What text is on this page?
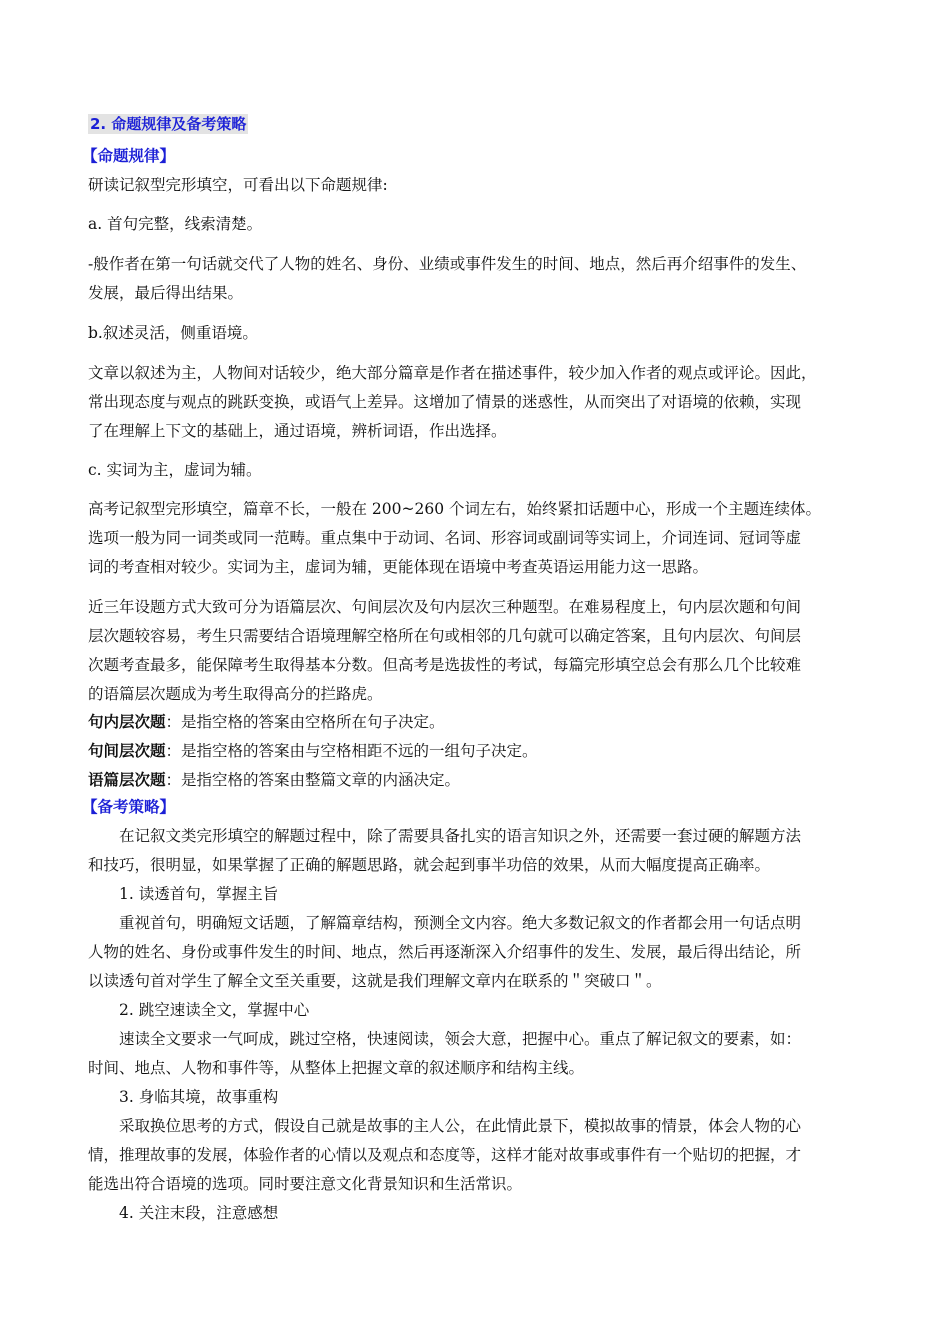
2. 命题规律及备考策略
【命题规律】
研读记叙型完形填空，可看出以下命题规律:
a. 首句完整，线索清楚。
-般作者在第一句话就交代了人物的姓名、身份、业绩或事件发生的时间、地点，然后再介绍事件的发生、
发展，最后得出结果。
b.叙述灵活，侧重语境。
文章以叙述为主，人物间对话较少，绝大部分篇章是作者在描述事件，较少加入作者的观点或评论。因此，
常出现态度与观点的跳跃变换，或语气上差异。这增加了情景的迷惑性，从而突出了对语境的依赖，实现
了在理解上下文的基础上，通过语境，辨析词语，作出选择。
c. 实词为主，虚词为辅。
高考记叙型完形填空，篇章不长，一般在 200~260 个词左右，始终紧扣话题中心，形成一个主题连续体。
选项一般为同一词类或同一范畴。重点集中于动词、名词、形容词或副词等实词上，介词连词、冠词等虚
词的考查相对较少。实词为主，虚词为辅，更能体现在语境中考查英语运用能力这一思路。
近三年设题方式大致可分为语篇层次、句间层次及句内层次三种题型。在难易程度上，句内层次题和句间
层次题较容易，考生只需要结合语境理解空格所在句或相邻的几句就可以确定答案，且句内层次、句间层
次题考查最多，能保障考生取得基本分数。但高考是选拔性的考试，每篇完形填空总会有那么几个比较难
的语篇层次题成为考生取得高分的拦路虎。
句内层次题：是指空格的答案由空格所在句子决定。
句间层次题：是指空格的答案由与空格相距不远的一组句子决定。
语篇层次题：是指空格的答案由整篇文章的内涵决定。
【备考策略】
在记叙文类完形填空的解题过程中，除了需要具备扎实的语言知识之外，还需要一套过硬的解题方法
和技巧，很明显，如果掌握了正确的解题思路，就会起到事半功倍的效果，从而大幅度提高正确率。
1. 读透首句，掌握主旨
重视首句，明确短文话题，了解篇章结构，预测全文内容。绝大多数记叙文的作者都会用一句话点明
人物的姓名、身份或事件发生的时间、地点，然后再逐渐深入介绍事件的发生、发展，最后得出结论，所
以读透句首对学生了解全文至关重要，这就是我们理解文章内在联系的＂突破口＂。
2. 跳空速读全文，掌握中心
速读全文要求一气呵成，跳过空格，快速阅读，领会大意，把握中心。重点了解记叙文的要素，如：
时间、地点、人物和事件等，从整体上把握文章的叙述顺序和结构主线。
3. 身临其境，故事重构
采取换位思考的方式，假设自己就是故事的主人公，在此情此景下，模拟故事的情景，体会人物的心
情，推理故事的发展，体验作者的心情以及观点和态度等，这样才能对故事或事件有一个贴切的把握，才
能选出符合语境的选项。同时要注意文化背景知识和生活常识。
4. 关注末段，注意感想
